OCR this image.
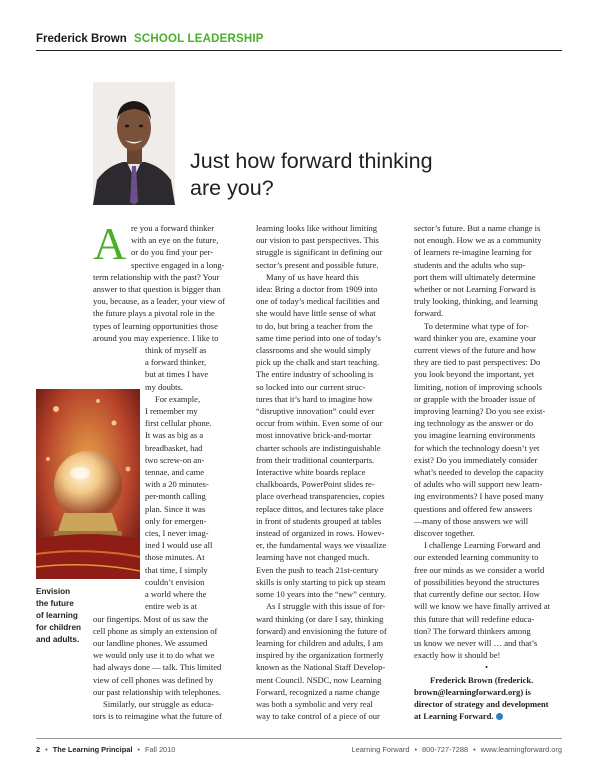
Frederick Brown SCHOOL LEADERSHIP
Just how forward thinking
are you?
Envision
the future
of learning
for children
and adults.
A re you a forward thinker
with an eye on the future,
or do you find your per-
spective engaged in a long-
term relationship with the past? Your
answer to that question is bigger than
you, because, as a leader, your view of
the future plays a pivotal role in the
types of learning opportunities those
around you may experience. I like to
think of myself as
a forward thinker,
but at times I have
my doubts.
For example,
I remember my
first cellular phone.
It was as big as a
breadbasket, had
two screw-on an-
tennae, and came
with a 20 minutes-
per-month calling
plan. Since it was
only for emergen-
cies, I never imag-
ined I would use all
those minutes. At
that time, I simply
couldn’t envision
a world where the
entire web is at
our fingertips. Most of us saw the
cell phone as simply an extension of
our landline phones. We assumed
we would only use it to do what we
had always done — talk. This limited
view of cell phones was defined by
our past relationship with telephones.
Similarly, our struggle as educa-
tors is to reimagine what the future of
learning looks like without limiting
our vision to past perspectives. This
struggle is significant in defining our
sector’s present and possible future.
Many of us have heard this
idea: Bring a doctor from 1909 into
one of today’s medical facilities and
she would have little sense of what
to do, but bring a teacher from the
same time period into one of today’s
classrooms and she would simply
pick up the chalk and start teaching.
The entire industry of schooling is
so locked into our current struc-
tures that it’s hard to imagine how
“disruptive innovation” could ever
occur from within. Even some of our
most innovative brick-and-mortar
charter schools are indistinguishable
from their traditional counterparts.
Interactive white boards replace
chalkboards, PowerPoint slides re-
place overhead transparencies, copies
replace dittos, and lectures take place
in front of students grouped at tables
instead of organized in rows. Howev-
er, the fundamental ways we visualize
learning have not changed much.
Even the push to teach 21st-century
skills is only starting to pick up steam
some 10 years into the “new” century.
As I struggle with this issue of for-
ward thinking (or dare I say, thinking
forward) and envisioning the future of
learning for children and adults, I am
inspired by the organization formerly
known as the National Staff Develop-
ment Council. NSDC, now Learning
Forward, recognized a name change
was both a symbolic and very real
way to take control of a piece of our
sector’s future. But a name change is
not enough. How we as a community
of learners re-imagine learning for
students and the adults who sup-
port them will ultimately determine
whether or not Learning Forward is
truly looking, thinking, and learning
forward.
To determine what type of for-
ward thinker you are, examine your
current views of the future and how
they are tied to past perspectives: Do
you look beyond the important, yet
limiting, notion of improving schools
or grapple with the broader issue of
improving learning? Do you see exist-
ing technology as the answer or do
you imagine learning environments
for which the technology doesn’t yet
exist? Do you immediately consider
what’s needed to develop the capacity
of adults who will support new learn-
ing environments? I have posed many
questions and offered few answers
—many of those answers we will
discover together.
I challenge Learning Forward and
our extended learning community to
free our minds as we consider a world
of possibilities beyond the structures
that currently define our sector. How
will we know we have finally arrived at
this future that will redefine educa-
tion? The forward thinkers among
us know we never will … and that’s
exactly how it should be!
•
Frederick Brown (frederick.
brown@learningforward.org) is
director of strategy and development
at Learning Forward.
2 • The Learning Principal • Fall 2010	Learning Forward • 800-727-7288 • www.learningforward.org
